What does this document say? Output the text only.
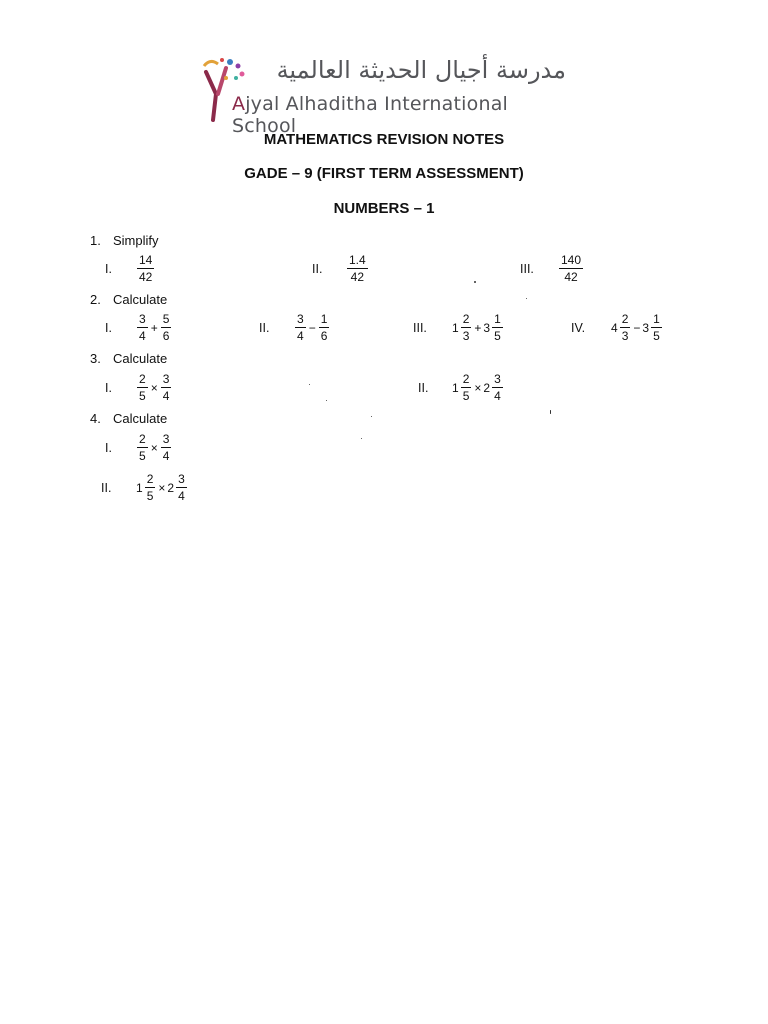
مدرسة أجيال الحديثة العالمية
Ajyal Alhaditha International School
MATHEMATICS REVISION NOTES
GADE – 9 (FIRST TERM ASSESSMENT)
NUMBERS – 1
1. Simplify
I. $\frac{14}{42}$	II. $\frac{1.4}{42}$	III. $\frac{140}{42}$
2. Calculate
I. $\frac{3}{4} + \frac{5}{6}$	II. $\frac{3}{4} - \frac{1}{6}$	III. $1 \frac{2}{3} + 3 \frac{1}{5}$	IV. $4 \frac{2}{3} - 3 \frac{1}{5}$
3. Calculate
I. $\frac{2}{5} \times \frac{3}{4}$	II. $1 \frac{2}{5} \times 2 \frac{3}{4}$
4. Calculate
I. $\frac{2}{5} \times \frac{3}{4}$
II. $1 \frac{2}{5} \times 2 \frac{3}{4}$
